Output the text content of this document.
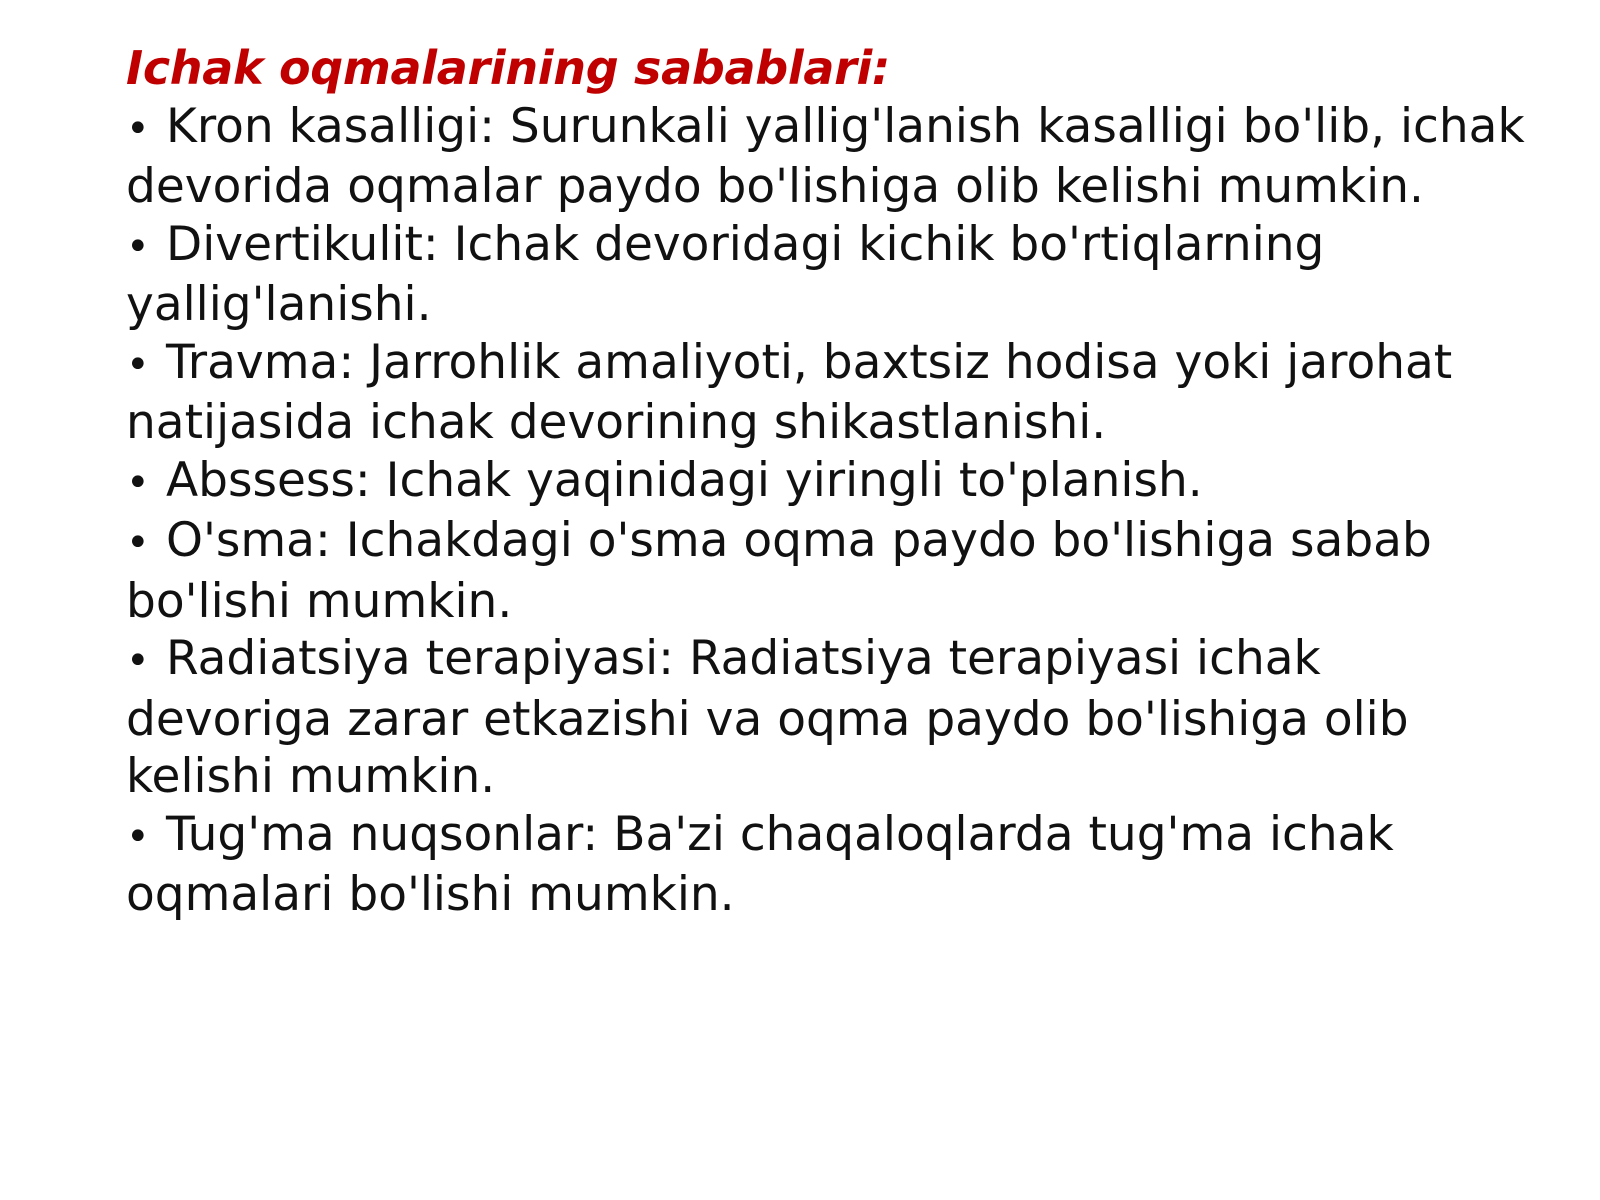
Ichak oqmalarining sabablari:
• Kron kasalligi: Surunkali yallig'lanish kasalligi bo'lib, ichak devorida oqmalar paydo bo'lishiga olib kelishi mumkin.
• Divertikulit: Ichak devoridagi kichik bo'rtiqlarning yallig'lanishi.
• Travma: Jarrohlik amaliyoti, baxtsiz hodisa yoki jarohat natijasida ichak devorining shikastlanishi.
• Abssess: Ichak yaqinidagi yiringli to'planish.
• O'sma: Ichakdagi o'sma oqma paydo bo'lishiga sabab bo'lishi mumkin.
• Radiatsiya terapiyasi: Radiatsiya terapiyasi ichak devoriga zarar etkazishi va oqma paydo bo'lishiga olib kelishi mumkin.
• Tug'ma nuqsonlar: Ba'zi chaqaloqlarda tug'ma ichak oqmalari bo'lishi mumkin.
